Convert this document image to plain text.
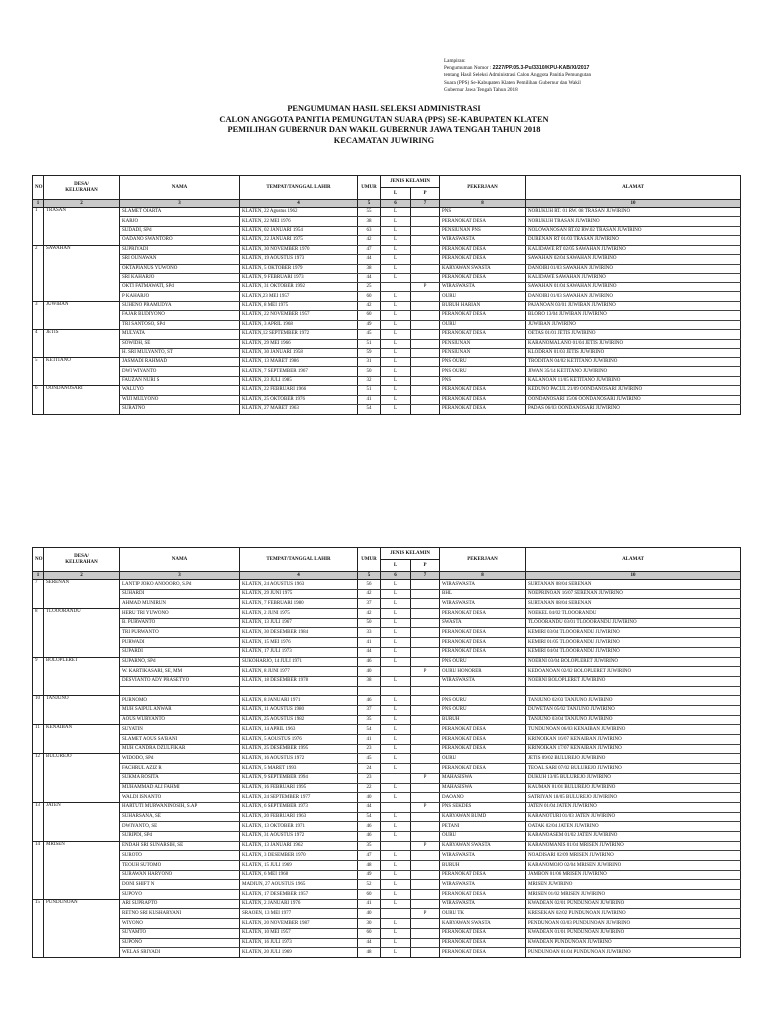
Lampiran:
Pengumuman Nomor : 2227/PP.05.3-Pu/3310/KPU-KAB/XI/2017
tentang Hasil Seleksi Administrasi Calon Anggota Panitia Pemungutan
Suara (PPS) Se-Kabupaten Klaten Pemilihan Gubernur dan Wakil
Gubernur Jawa Tengah Tahun 2018
PENGUMUMAN HASIL SELEKSI ADMINISTRASI
CALON ANGGOTA PANITIA PEMUNGUTAN SUARA (PPS) SE-KABUPATEN KLATEN
PEMILIHAN GUBERNUR DAN WAKIL GUBERNUR JAWA TENGAH TAHUN 2018
KECAMATAN JUWIRING
NO	DESA/
KELURAHAN	NAMA	TEMPAT/TANGGAL LAHIR	UMUR	JENIS KELAMIN		PEKERJAAN	ALAMAT
					L	P		
1	2	3	4	5	6	7	8	10
1	TRASAN	SLAMET OIARTA	KLATEN, 22 Agustus 1962	55	L		PNS	NORUKUH RT. 01 RW. 08 TRASAN JUWIRINO
		KARJO	KLATEN, 22 MEI 1976	38	L		PERANOKAT DESA	NORUKUH TRASAN JUWIRINO
		SUDADI, SPd	KLATEN, 02 JANUARI 1954	63	L		PENSIUNAN PNS	NOLOWANOSAN RT.02 RW.02 TRASAN JUWIRINO
		OADANO SWANTORO	KLATEN, 22 JANUARI 1975	42	L		WIRASWASTA	DURENAN RT 01/03 TRASAN JUWIRINO
2	SAWAHAN	SUPRIYADI	KLATEN, 30 NOVEMBER 1970	47	L		PERANOKAT DESA	KALIDAWE RT 02/05 SAWAHAN JUWIRINO
		SRI OUNAWAN	KLATEN, 19 AOUSTUS 1973	44	L		PERANOKAT DESA	SAWAHAN 02/04 SAWAHAN JUWIRINO
		OKTAPIANUS YUWONO	KLATEN, 5 OKTOBER 1979	38	L		KARYAWAN SWASTA	DANOIRI 01/03 SAWAHAN JUWIRINO
		SRI KAHARJO	KLATEN, 9 FEBRUARI 1973	44	L		PERANOKAT DESA	KALIDAWE SAWAHAN JUWIRINO
		OKTI FATMAWATI, SPd	KLATEN, 31 OKTOBER 1992	25		P	WIRASWASTA	SAWAHAN 01/04 SAWAHAN JUWIRINO
		P KAHARJO	KLATEN,23 MEI 1957	60	L		OURU	DANOIRI 01/03 SAWAHAN JUWIRINO
3	JUWIBAN	SUHENO PRAMUDYA	KLATEN, 8 MEI 1975	42	L		BURUH HARIAN	PAJANOAN 03/01 JUWIBAN JUWIRINO
		FAJAR BUDIYONO	KLATEN, 22 NOVEMBER 1957	60	L		PERANOKAT DESA	BLORO 13/04 JUWIBAN JUWIRINO
		TRI SANTOSO, SPd	KLATEN, 3 APRIL 1968	49	L		OURU	JUWIBAN JUWIRINO
4	JETIS	MULYATA	KLATEN,12 SEPTEMBER 1972	45	L		PERANOKAT DESA	OETAS 01/01 JETIS JUWIRINO
		SOWIDH, SE	KLATEN, 29 MEI 1966	51	L		PENSIUNAN	KARANOMALANO 01/04 JETIS JUWIRINO
		H. SRI MULYANTO, ST	KLATEN, 30 JANUARI 1958	59	L		PENSIUNAN	KLODRAN 01/03 JETIS JUWIRINO
5	KETITANO	JASMADI RAHMAD	KLATEN, 13 MARET 1986	31	L		PNS OURU	TRODITAN 04/02 KETITANO JUWIRINO
		DWI WIYANTO	KLATEN, 7 SEPTEMBER 1967	50	L		PNS OURU	JIWAN 35/14 KETITANO JUWIRINO
		FAUZAN NURI S	KLATEN, 23 JULI 1985	32	L		PNS	KALANOAN 11/05 KETITANO JUWIRINO
6	OONDANOSARI	WALUYO	KLATEN, 22 FEBRUARI 1966	51	L		PERANOKAT DESA	KEDUNO PACUL 21/09 OONDANOSARI JUWIRINO
		WIJI MULYONO	KLATEN, 25 OKTOBER 1976	41	L		PERANOKAT DESA	OONDANOSARI 15/06 OONDANOSARI JUWIRINO
		SURATNO	KLATEN, 27 MARET 1963	54	L		PERANOKAT DESA	PADAS 06/03 OONDANOSARI JUWIRINO
NO	DESA/
KELURAHAN	NAMA	TEMPAT/TANGGAL LAHIR	UMUR	JENIS KELAMIN		PEKERJAAN	ALAMAT
					L	P		
1	2	3	4	5	6	7	8	10
7	SERENAN	LANTIP JOKO ANOOORO, S.Pd	KLATEN, 24 AOUSTUS 1963	56	L		WIRASWASTA	SURTANAN 08/04 SERENAN
		SUHARDI	KLATEN, 29 JUNI 1975	42	L		BHL	NOEPRINOAN 16/07 SERENAN JUWIRINO
		AHMAD MUNIRUN	KLATEN, 7 FEBRUARI 1980	37	L		WIRASWASTA	SURTANAN 08/04 SERENAN
8	TLOOORANDU	HERU TRI YUWONO	KLATEN, 2 JUNI 1975	42	L		PERANOKAT DESA	NOEKEL 04/02 TLOOORANDU
		B. PURWANTO	KLATEN, 13 JULI 1967	50	L		SWASTA	TLOOORANDU 03/01 TLOOORANDU JUWIRINO
		TRI PURWANTO	KLATEN, 30 DESEMBER 1984	33	L		PERANOKAT DESA	KEMIRI 03/04 TLOOORANDU JUWIRINO
		PURWADI	KLATEN, 15 MEI 1976	41	L		PERANOKAT DESA	KEMIRI 01/05 TLOOORANDU JUWIRINO
		SUPARDI	KLATEN, 17 JULI 1973	44	L		PERANOKAT DESA	KEMIRI 04/04 TLOOORANDU JUWIRINO
9	BOLOPLERET	SUPARNO, SPd	SUKOHARJO, 14 JULI 1971	46	L		PNS OURU	NOERNI 03/04 BOLOPLERET JUWIRINO
		W. KARTIKASARI, SE, MM	KLATEN, 8 JUNI 1977	40		P	OURU HONORER	KEDOANOAN 02/02 BOLOPLERET JUWIRINO
		DESVIANTO ADY PRASETYO	KLATEN, 18 DESEMBER 1978	38	L		WIRASWASTA	NOERNI BOLOPLERET JUWIRINO

10	TANJUNO	PURNOMO	KLATEN, 8 JANUARI 1971	46	L		PNS OURU	TANJUNO 02/03 TANJUNO JUWIRINO
		MUH SAIPUL ANWAR	KLATEN, 11 AOUSTUS 1980	37	L		PNS OURU	DUWETAN 05/02 TANJUNO JUWIRINO
		AOUS WURYANTO	KLATEN, 25 AOUSTUS 1982	35	L		BURUH	TANJUNO 03/04 TANJUNO JUWIRINO
11	KENAIBAN	SUYATIN	KLATEN, 14 APRIL 1963	54	L		PERANOKAT DESA	TUNDUNOAN 06/03 KENAIBAN JUWIRINO
		SLAMET AOUS SA'BANI	KLATEN, 5 AOUSTUS 1976	41	L		PERANOKAT DESA	KRINOIKAN 16/07 KENAIBAN JUWIRINO
		MUH CANDRA DZULFIKAR	KLATEN, 25 DESEMBER 1995	23	L		PERANOKAT DESA	KRINOIKAN 17/07 KENAIBAN JUWIRINO
12	BULUREJO	WIDODO, SPd	KLATEN, 16 AOUSTUS 1972	45	L		OURU	JETIS 09/02 BULUREJO JUWIRINO
		FACHRUL AZIZ R	KLATEN, 5 MARET 1993	24	L		PERANOKAT DESA	TEOAL SARI 07/02 BULUREJO JUWIRINO
		SUKMA ROSITA	KLATEN, 9 SEPTEMBER 1994	23		P	MAHASISWA	DUKUH 13/05 BULUREJO JUWIRINO
		MUHAMMAD ALI FAHMI	KLATEN, 16 FEBRUARI 1995	22	L		MAHASISWA	KAUMAN 01/01 BULUREJO JUWIRINO
		WALDI ISNANTO	KLATEN, 24 SEPTEMBER 1977	40	L		DAOANO	SATRIYAN 18/05 BULUREJO JUWIRINO
13	JATEN	HARTUTI MURWANINOSIH, S.AP	KLATEN, 6 SEPTEMBER 1973	44		P	PNS SEKDES	JATEN 01/04 JATEN JUWIRINO
		SUHARSANA, SE	KLATEN, 20 FEBRUARI 1963	54	L		KARYAWAN BUMD	KARANOTURI 01/03 JATEN JUWIRINO
		DWIYANTO, SE	KLATEN, 13 OKTOBER 1971	46	L		PETANI	OATAK 02/04 JATEN JUWIRINO
		SURIPDI, SPd	KLATEN, 31 AOUSTUS 1972	46	L		OURU	KARANOASEM 01/02 JATEN JUWIRINO
14	MRISEN	ENDAH SRI SUNARSIH, SE	KLATEN, 13 JANUARI 1962	35		P	KARYAWAN SWASTA	KARANOMANIS 01/04 MRISEN JUWIRINO
		SUROTO	KLATEN, 3 DESEMBER 1970	47	L		WIRASWASTA	NOADISARI 02/09 MRISEN JUWIRINO
		TEOUH SUTOMO	KLATEN, 15 JULI 1969	48	L		BURUH	KARANOMOJO 02/04 MRISEN JUWIRINO
		SURAWAN HARYONO	KLATEN, 6 MEI 1968	49	L		PERANOKAT DESA	JAMBON 01/06 MRISEN JUWIRINO
		DONI SHIFT N	MADIUN, 27 AOUSTUS 1965	52	L		WIRASWASTA	MRISEN JUWIRINO
		SUPOYO	KLATEN, 17 DESEMBER 1957	60	L		PERANOKAT DESA	MRISEN 01/02 MRISEN JUWIRINO
15	PUNDUNOAN	ARI SUPRAPTO	KLATEN, 2 JANUARI 1976	41	L		WIRASWASTA	KWADEAN 02/01 PUNDUNOAN JUWIRINO
		RETNO SRI KUSHARYANI	SRAOEN, 13 MEI 1977	40		P	OURU TK	KRESEKAN 02/02 PUNDUNOAN JUWIRINO
		WIYONO	KLATEN, 20 NOVEMBER 1987	30	L		KARYAWAN SWASTA	PENDUNOAN 03/03 PUNDUNOAN JUWIRINO
		SUYAMTO	KLATEN, 10 MEI 1957	60	L		PERANOKAT DESA	KWADEAN 01/01 PUNDUNOAN JUWIRINO
		SUPONO	KLATEN, 16 JULI 1973	44	L		PERANOKAT DESA	KWADEAN PUNDUNOAN JUWIRINO
		WELAS SRIYADI	KLATEN, 20 JULI 1969	48	L		PERANOKAT DESA	PUNDUNOAN 01/04 PUNDUNOAN JUWIRINO
